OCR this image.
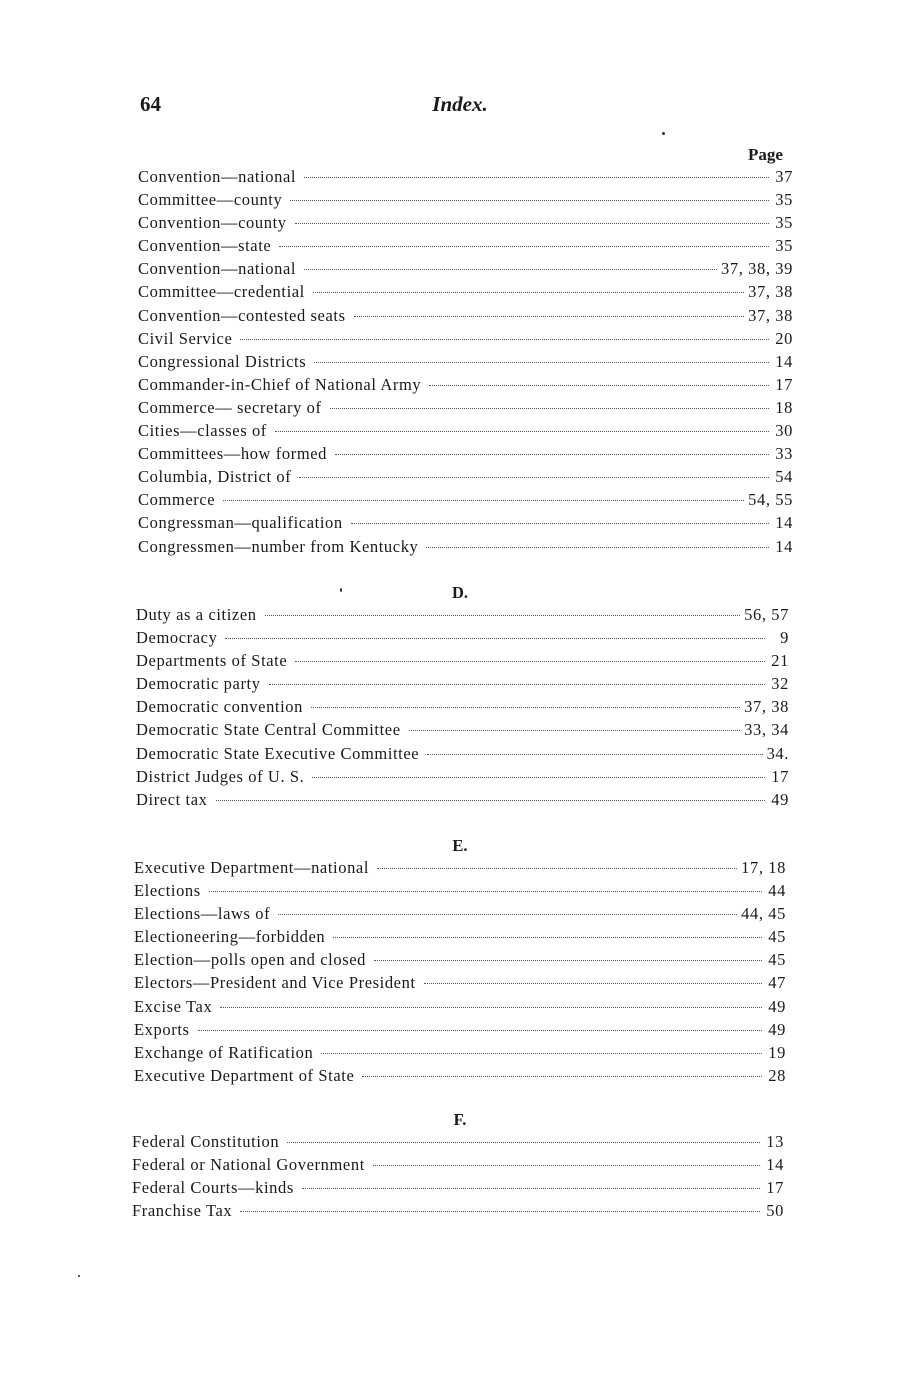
64	Index.
Page
Convention—national	37
Committee—county	35
Convention—county	35
Convention—state	35
Convention—national	37, 38, 39
Committee—credential	37, 38
Convention—contested seats	37, 38
Civil Service	20
Congressional Districts	14
Commander-in-Chief of National Army	17
Commerce— secretary of	18
Cities—classes of	30
Committees—how formed	33
Columbia, District of	54
Commerce	54, 55
Congressman—qualification	14
Congressmen—number from Kentucky	14
D.
Duty as a citizen	56, 57
Democracy	9
Departments of State	21
Democratic party	32
Democratic convention	37, 38
Democratic State Central Committee	33, 34
Democratic State Executive Committee	34.
District Judges of U. S.	17
Direct tax	49
E.
Executive Department—national	17, 18
Elections	44
Elections—laws of	44, 45
Electioneering—forbidden	45
Election—polls open and closed	45
Electors—President and Vice President	47
Excise Tax	49
Exports	49
Exchange of Ratification	19
Executive Department of State	28
F.
Federal Constitution	13
Federal or National Government	14
Federal Courts—kinds	17
Franchise Tax	50
